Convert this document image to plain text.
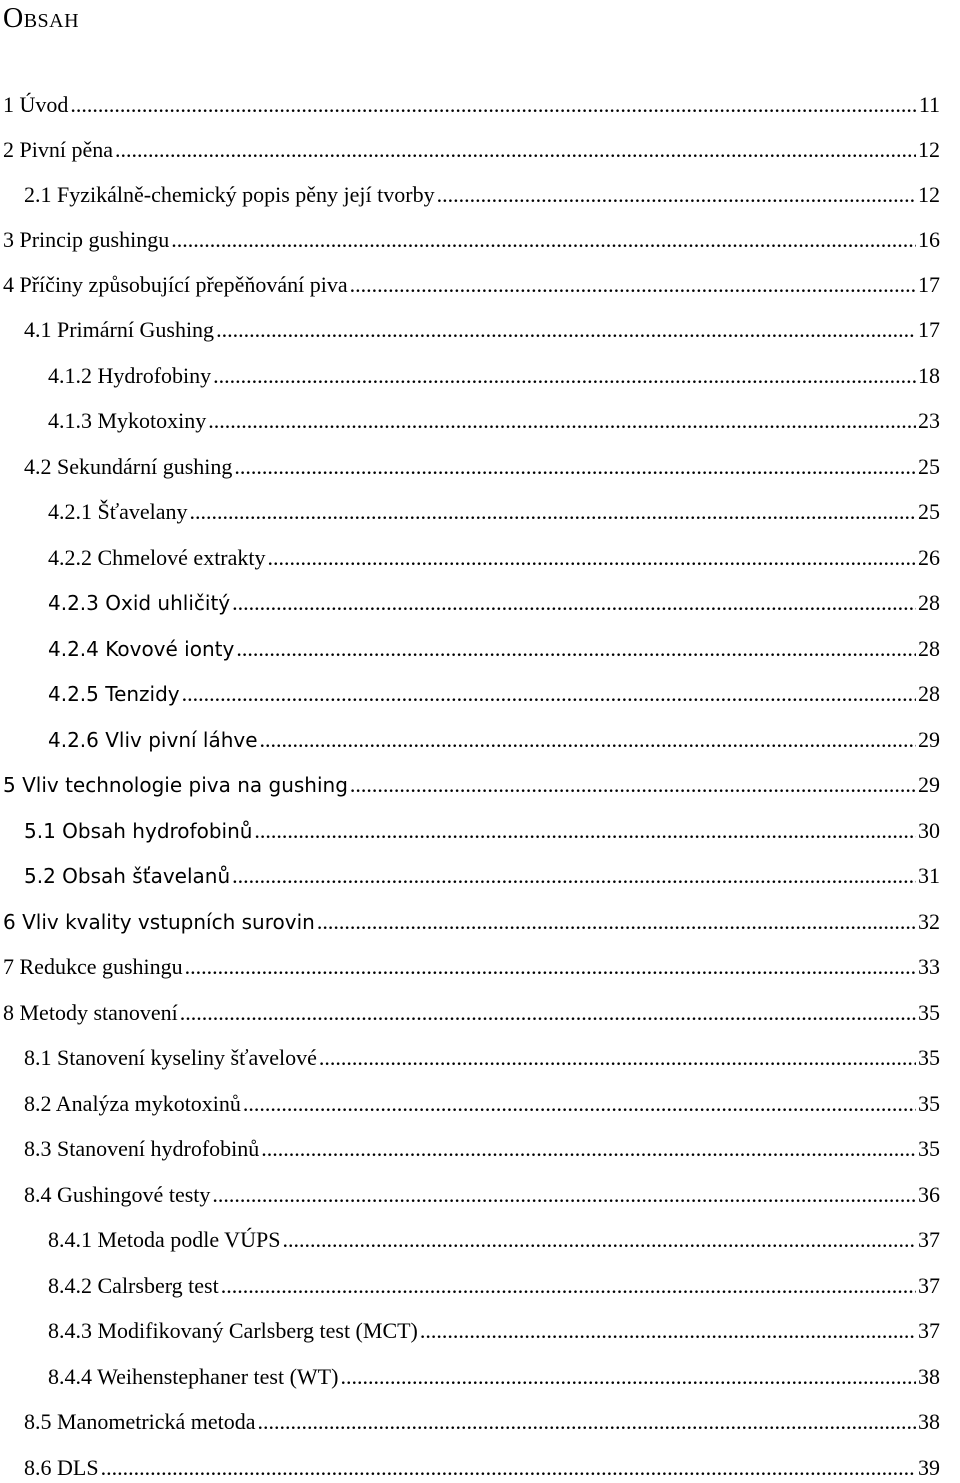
Obsah
1 Úvod .....	11
2 Pivní pěna .....	12
2.1 Fyzikálně-chemický popis pěny její tvorby .....	12
3 Princip gushingu .....	16
4 Příčiny způsobující přepěňování piva .....	17
4.1 Primární Gushing .....	17
4.1.2 Hydrofobiny .....	18
4.1.3 Mykotoxiny .....	23
4.2 Sekundární gushing .....	25
4.2.1 Šťavelany .....	25
4.2.2 Chmelové extrakty .....	26
4.2.3 Oxid uhličitý .....	28
4.2.4 Kovové ionty .....	28
4.2.5 Tenzidy .....	28
4.2.6 Vliv pivní láhve .....	29
5 Vliv technologie piva na gushing .....	29
5.1 Obsah hydrofobinů .....	30
5.2 Obsah šťavelanů .....	31
6 Vliv kvality vstupních surovin .....	32
7 Redukce gushingu .....	33
8 Metody stanovení .....	35
8.1 Stanovení kyseliny šťavelové .....	35
8.2 Analýza mykotoxinů .....	35
8.3 Stanovení hydrofobinů .....	35
8.4 Gushingové testy .....	36
8.4.1 Metoda podle VÚPS .....	37
8.4.2 Calrsberg test .....	37
8.4.3 Modifikovaný Carlsberg test (MCT) .....	37
8.4.4 Weihenstephaner test (WT) .....	38
8.5 Manometrická metoda .....	38
8.6 DLS .....	39
